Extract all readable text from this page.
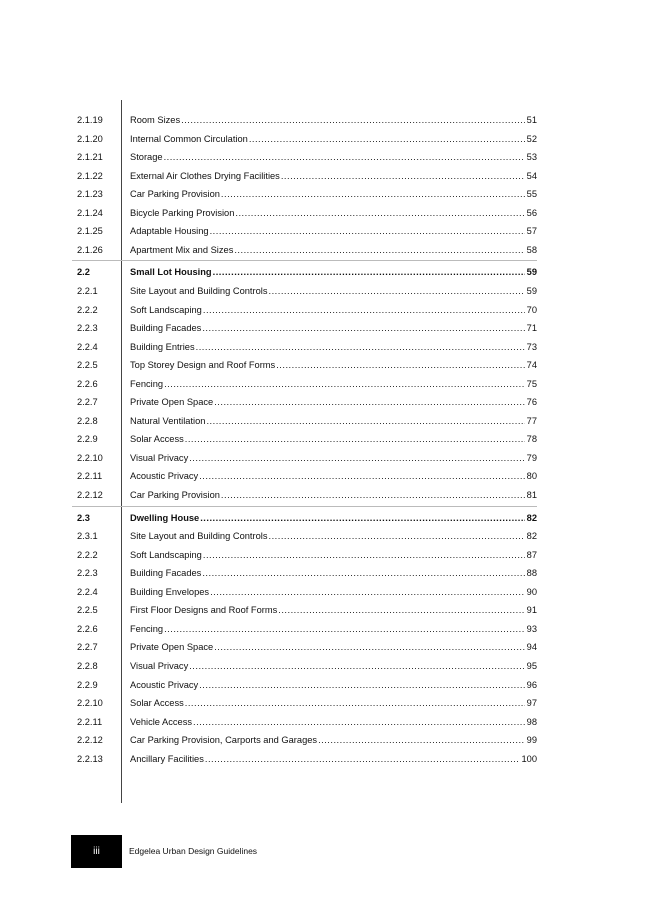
2.1.19	Room Sizes .....	51
2.1.20	Internal Common Circulation .....	52
2.1.21	Storage .....	53
2.1.22	External Air Clothes Drying Facilities .....	54
2.1.23	Car Parking Provision .....	55
2.1.24	Bicycle Parking Provision .....	56
2.1.25	Adaptable Housing .....	57
2.1.26	Apartment Mix and Sizes .....	58
2.2	Small Lot Housing .....	59
2.2.1	Site Layout and Building Controls .....	59
2.2.2	Soft Landscaping .....	70
2.2.3	Building Facades .....	71
2.2.4	Building Entries .....	73
2.2.5	Top Storey Design and Roof Forms .....	74
2.2.6	Fencing .....	75
2.2.7	Private Open Space .....	76
2.2.8	Natural Ventilation .....	77
2.2.9	Solar Access .....	78
2.2.10	Visual Privacy .....	79
2.2.11	Acoustic Privacy .....	80
2.2.12	Car Parking Provision .....	81
2.3	Dwelling House .....	82
2.3.1	Site Layout and Building Controls .....	82
2.2.2	Soft Landscaping .....	87
2.2.3	Building Facades .....	88
2.2.4	Building Envelopes .....	90
2.2.5	First Floor Designs and Roof Forms .....	91
2.2.6	Fencing .....	93
2.2.7	Private Open Space .....	94
2.2.8	Visual Privacy .....	95
2.2.9	Acoustic Privacy .....	96
2.2.10	Solar Access .....	97
2.2.11	Vehicle Access .....	98
2.2.12	Car Parking Provision, Carports and Garages .....	99
2.2.13	Ancillary Facilities .....	100
iii	Edgelea Urban Design Guidelines
